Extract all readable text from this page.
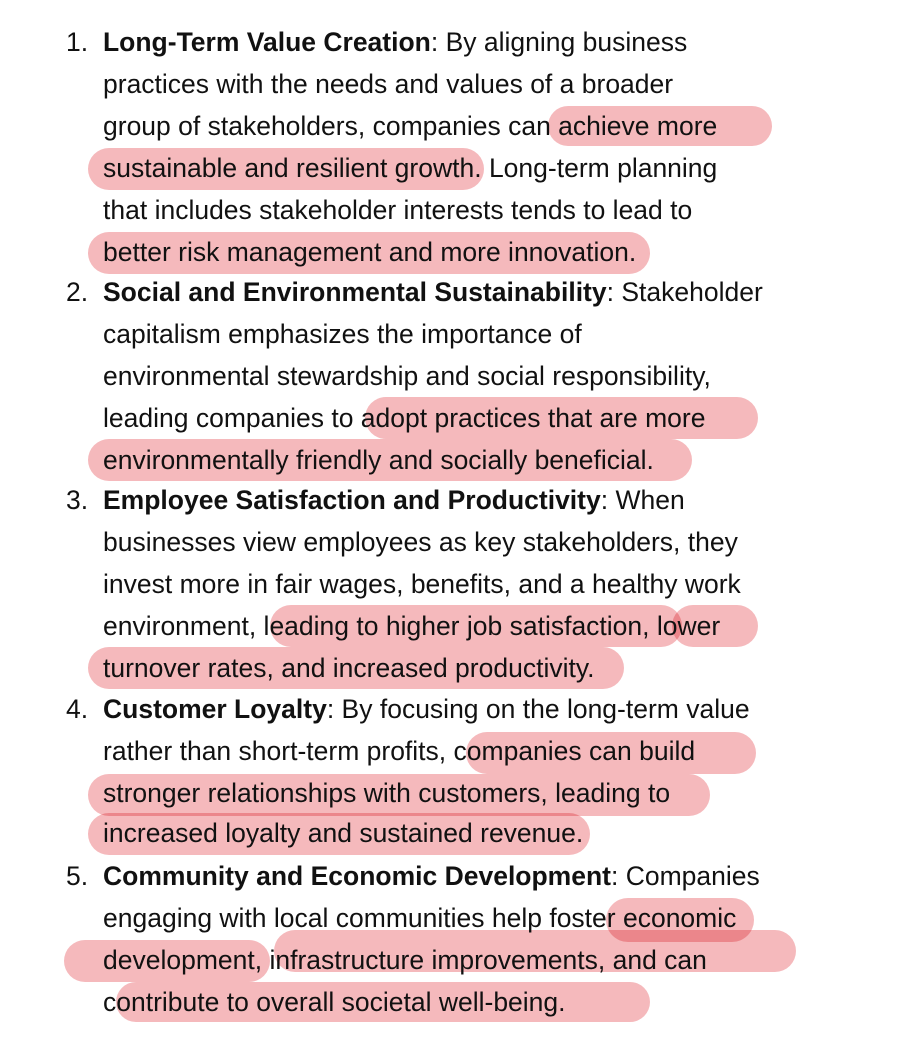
1. Long-Term Value Creation: By aligning business
practices with the needs and values of a broader
group of stakeholders, companies can achieve more
sustainable and resilient growth. Long-term planning
that includes stakeholder interests tends to lead to
better risk management and more innovation.
2. Social and Environmental Sustainability: Stakeholder
capitalism emphasizes the importance of
environmental stewardship and social responsibility,
leading companies to adopt practices that are more
environmentally friendly and socially beneficial.
3. Employee Satisfaction and Productivity: When
businesses view employees as key stakeholders, they
invest more in fair wages, benefits, and a healthy work
environment, leading to higher job satisfaction, lower
turnover rates, and increased productivity.
4. Customer Loyalty: By focusing on the long-term value
rather than short-term profits, companies can build
stronger relationships with customers, leading to
increased loyalty and sustained revenue.
5. Community and Economic Development: Companies
engaging with local communities help foster economic
development, infrastructure improvements, and can
contribute to overall societal well-being.
